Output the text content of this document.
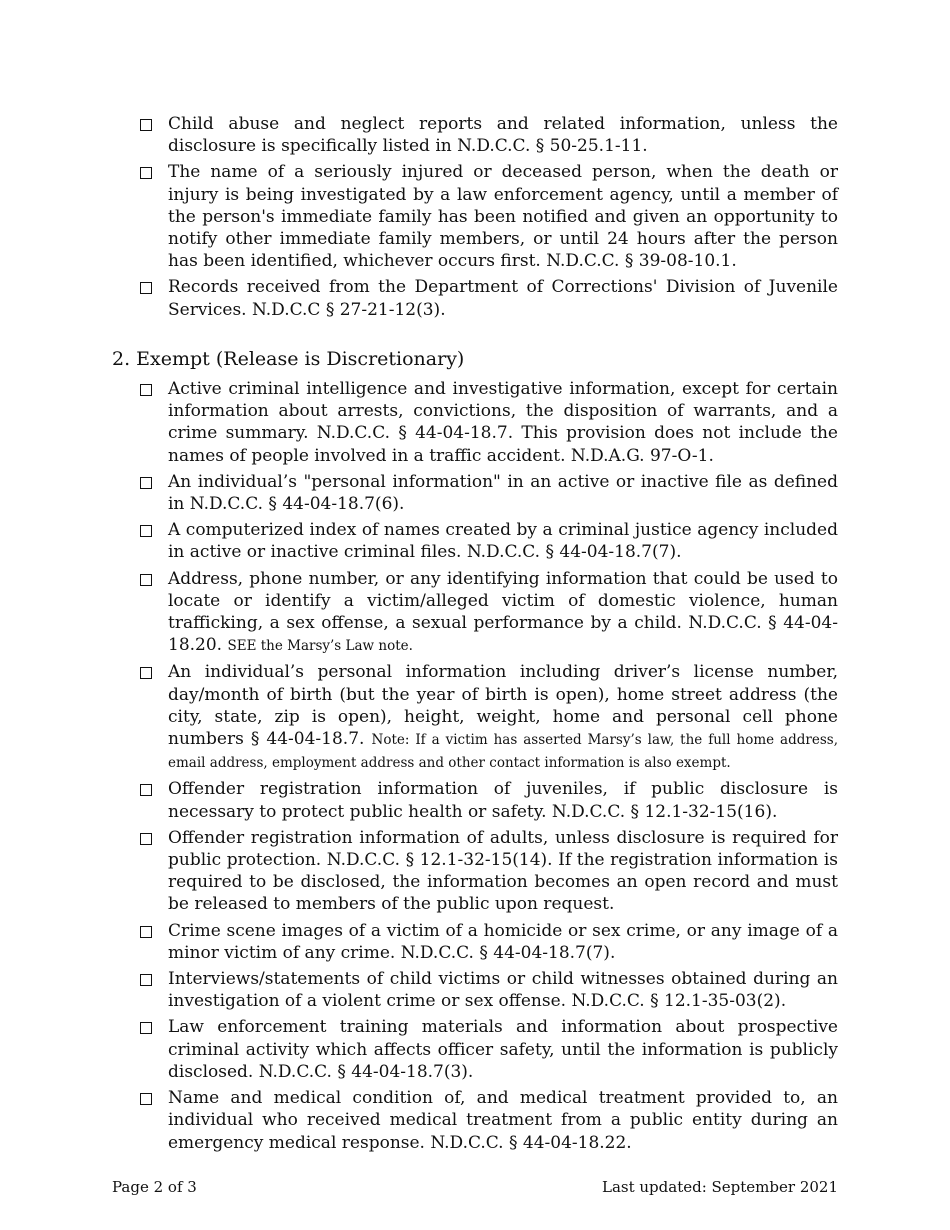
Child abuse and neglect reports and related information, unless the disclosure is specifically listed in N.D.C.C. § 50-25.1-11.
The name of a seriously injured or deceased person, when the death or injury is being investigated by a law enforcement agency, until a member of the person's immediate family has been notified and given an opportunity to notify other immediate family members, or until 24 hours after the person has been identified, whichever occurs first. N.D.C.C. § 39-08-10.1.
Records received from the Department of Corrections' Division of Juvenile Services. N.D.C.C § 27-21-12(3).
2. Exempt (Release is Discretionary)
Active criminal intelligence and investigative information, except for certain information about arrests, convictions, the disposition of warrants, and a crime summary. N.D.C.C. § 44-04-18.7. This provision does not include the names of people involved in a traffic accident. N.D.A.G. 97-O-1.
An individual’s "personal information" in an active or inactive file as defined in N.D.C.C. § 44-04-18.7(6).
A computerized index of names created by a criminal justice agency included in active or inactive criminal files. N.D.C.C. § 44-04-18.7(7).
Address, phone number, or any identifying information that could be used to locate or identify a victim/alleged victim of domestic violence, human trafficking, a sex offense, a sexual performance by a child. N.D.C.C. § 44-04-18.20. SEE the Marsy’s Law note.
An individual’s personal information including driver’s license number, day/month of birth (but the year of birth is open), home street address (the city, state, zip is open), height, weight, home and personal cell phone numbers § 44-04-18.7. Note: If a victim has asserted Marsy’s law, the full home address, email address, employment address and other contact information is also exempt.
Offender registration information of juveniles, if public disclosure is necessary to protect public health or safety. N.D.C.C. § 12.1-32-15(16).
Offender registration information of adults, unless disclosure is required for public protection. N.D.C.C. § 12.1-32-15(14). If the registration information is required to be disclosed, the information becomes an open record and must be released to members of the public upon request.
Crime scene images of a victim of a homicide or sex crime, or any image of a minor victim of any crime. N.D.C.C. § 44-04-18.7(7).
Interviews/statements of child victims or child witnesses obtained during an investigation of a violent crime or sex offense. N.D.C.C. § 12.1-35-03(2).
Law enforcement training materials and information about prospective criminal activity which affects officer safety, until the information is publicly disclosed. N.D.C.C. § 44-04-18.7(3).
Name and medical condition of, and medical treatment provided to, an individual who received medical treatment from a public entity during an emergency medical response. N.D.C.C. § 44-04-18.22.
Page 2 of 3	Last updated: September 2021
